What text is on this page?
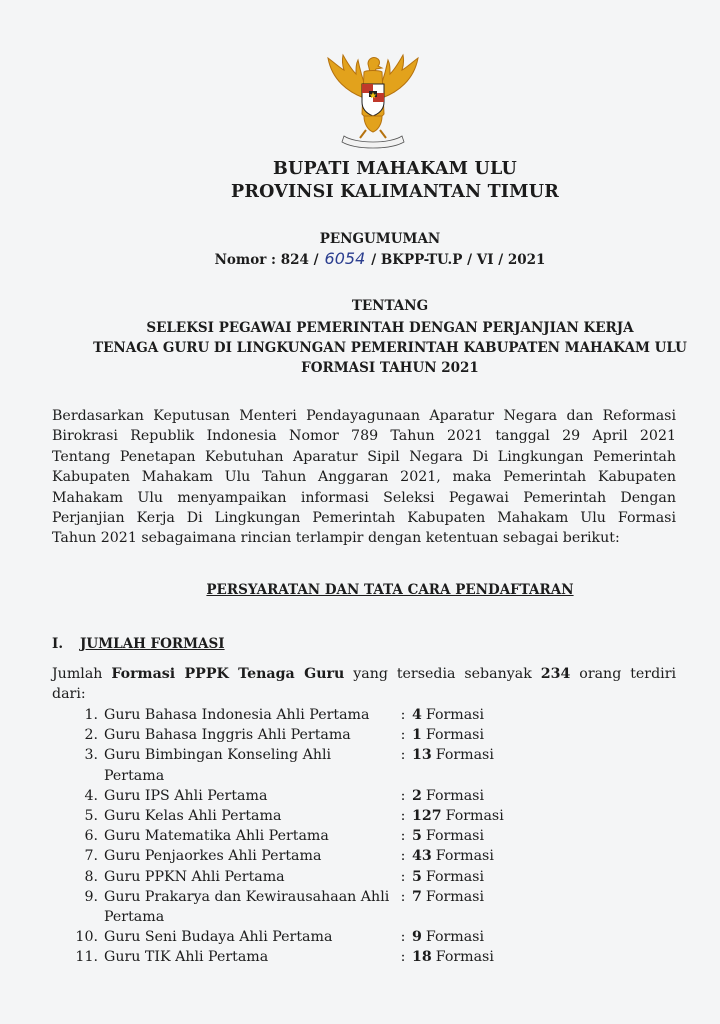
BUPATI MAHAKAM ULU
PROVINSI KALIMANTAN TIMUR
PENGUMUMAN
Nomor : 824 / 6054 / BKPP-TU.P / VI / 2021
TENTANG
SELEKSI PEGAWAI PEMERINTAH DENGAN PERJANJIAN KERJA
TENAGA GURU DI LINGKUNGAN PEMERINTAH KABUPATEN MAHAKAM ULU
FORMASI TAHUN 2021
Berdasarkan Keputusan Menteri Pendayagunaan Aparatur Negara dan Reformasi
Birokrasi Republik Indonesia Nomor 789 Tahun 2021 tanggal 29 April 2021
Tentang Penetapan Kebutuhan Aparatur Sipil Negara Di Lingkungan Pemerintah
Kabupaten Mahakam Ulu Tahun Anggaran 2021, maka Pemerintah Kabupaten
Mahakam Ulu menyampaikan informasi Seleksi Pegawai Pemerintah Dengan
Perjanjian Kerja Di Lingkungan Pemerintah Kabupaten Mahakam Ulu Formasi
Tahun 2021 sebagaimana rincian terlampir dengan ketentuan sebagai berikut:
PERSYARATAN DAN TATA CARA PENDAFTARAN
I. JUMLAH FORMASI
Jumlah Formasi PPPK Tenaga Guru yang tersedia sebanyak 234 orang terdiri
dari:
1. Guru Bahasa Indonesia Ahli Pertama	: 4 Formasi
2. Guru Bahasa Inggris Ahli Pertama	: 1 Formasi
3. Guru Bimbingan Konseling Ahli Pertama
: 13 Formasi
4. Guru IPS Ahli Pertama	: 2 Formasi
5. Guru Kelas Ahli Pertama	: 127 Formasi
6. Guru Matematika Ahli Pertama	: 5 Formasi
7. Guru Penjaorkes Ahli Pertama	: 43 Formasi
8. Guru PPKN Ahli Pertama	: 5 Formasi
9. Guru Prakarya dan Kewirausahaan Ahli Pertama
: 7 Formasi
10. Guru Seni Budaya Ahli Pertama	: 9 Formasi
11. Guru TIK Ahli Pertama	: 18 Formasi
